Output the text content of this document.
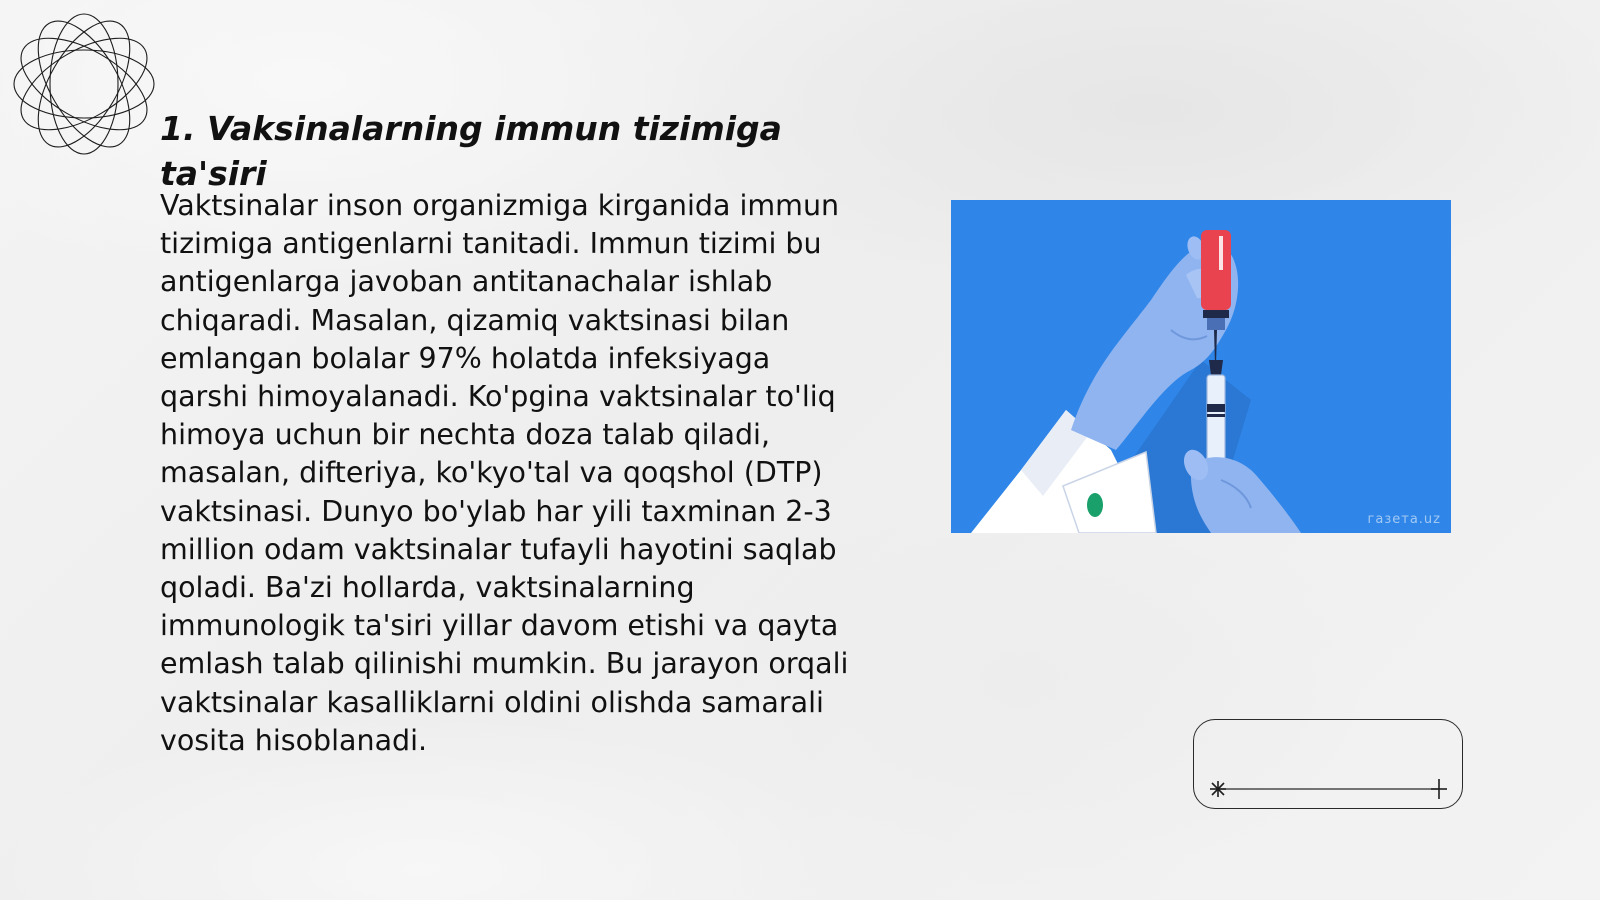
1. Vaksinalarning immun tizimiga ta'siri

Vaktsinalar inson organizmiga kirganida immun tizimiga antigenlarni tanitadi. Immun tizimi bu antigenlarga javoban antitanachalar ishlab chiqaradi. Masalan, qizamiq vaktsinasi bilan emlangan bolalar 97% holatda infeksiyaga qarshi himoyalanadi. Ko'pgina vaktsinalar to'liq himoya uchun bir nechta doza talab qiladi, masalan, difteriya, ko'kyo'tal va qoqshol (DTP) vaktsinasi. Dunyo bo'ylab har yili taxminan 2-3 million odam vaktsinalar tufayli hayotini saqlab qoladi. Ba'zi hollarda, vaktsinalarning immunologik ta'siri yillar davom etishi va qayta emlash talab qilinishi mumkin. Bu jarayon orqali vaktsinalar kasalliklarni oldini olishda samarali vosita hisoblanadi.

газета.uz
